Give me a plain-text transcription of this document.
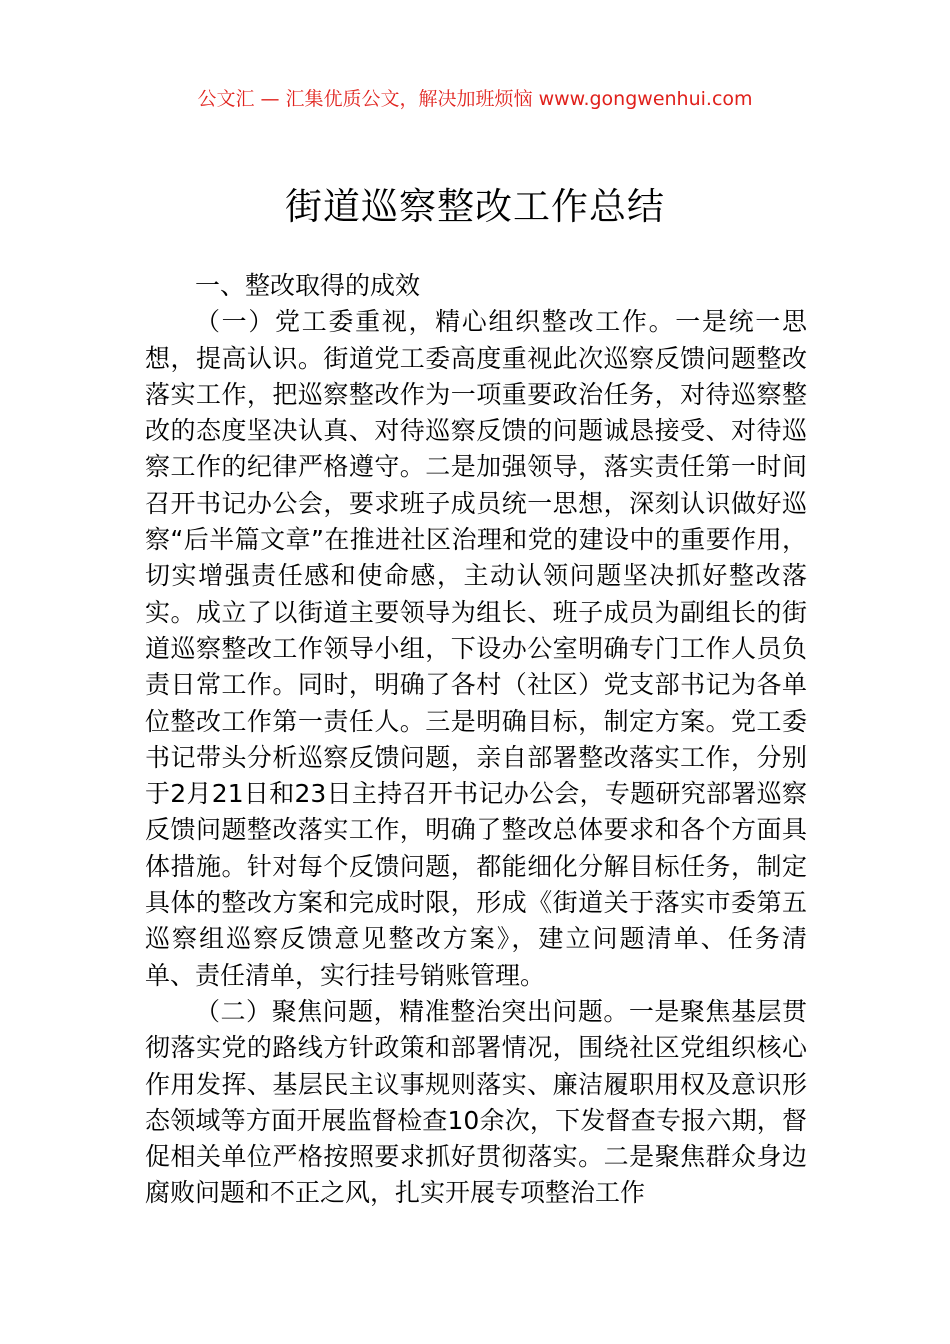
公文汇 — 汇集优质公文，解决加班烦恼 www.gongwenhui.com
街道巡察整改工作总结

一、整改取得的成效

（一）党工委重视，精心组织整改工作。一是统一思想，提高认识。街道党工委高度重视此次巡察反馈问题整改落实工作，把巡察整改作为一项重要政治任务，对待巡察整改的态度坚决认真、对待巡察反馈的问题诚恳接受、对待巡察工作的纪律严格遵守。二是加强领导，落实责任第一时间召开书记办公会，要求班子成员统一思想，深刻认识做好巡察“后半篇文章”在推进社区治理和党的建设中的重要作用，切实增强责任感和使命感，主动认领问题坚决抓好整改落实。成立了以街道主要领导为组长、班子成员为副组长的街道巡察整改工作领导小组，下设办公室明确专门工作人员负责日常工作。同时，明确了各村（社区）党支部书记为各单位整改工作第一责任人。三是明确目标，制定方案。党工委书记带头分析巡察反馈问题，亲自部署整改落实工作，分别于2月21日和23日主持召开书记办公会，专题研究部署巡察反馈问题整改落实工作，明确了整改总体要求和各个方面具体措施。针对每个反馈问题，都能细化分解目标任务，制定具体的整改方案和完成时限，形成《街道关于落实市委第五巡察组巡察反馈意见整改方案》，建立问题清单、任务清单、责任清单，实行挂号销账管理。

（二）聚焦问题，精准整治突出问题。一是聚焦基层贯彻落实党的路线方针政策和部署情况，围绕社区党组织核心作用发挥、基层民主议事规则落实、廉洁履职用权及意识形态领域等方面开展监督检查10余次，下发督查专报六期，督促相关单位严格按照要求抓好贯彻落实。二是聚焦群众身边腐败问题和不正之风，扎实开展专项整治工作
